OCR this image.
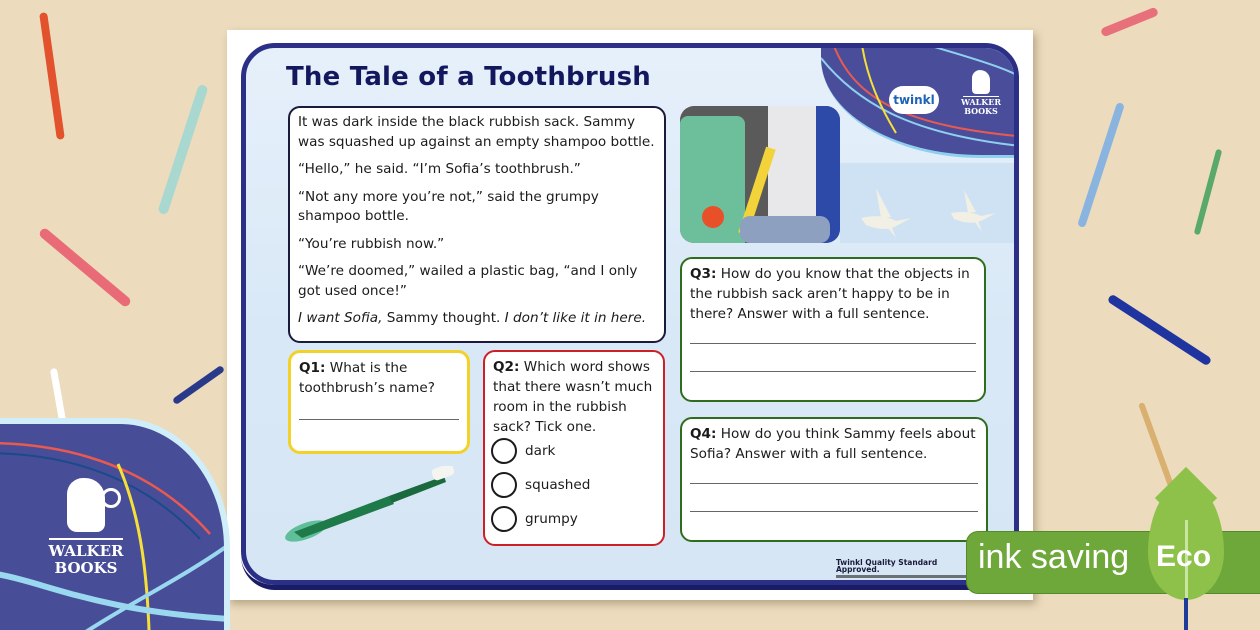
twinkl	WALKER
BOOKS
The Tale of a Toothbrush

It was dark inside the black rubbish sack. Sammy was squashed up against an empty shampoo bottle.

“Hello,” he said. “I’m Sofia’s toothbrush.”

“Not any more you’re not,” said the grumpy shampoo bottle.

“You’re rubbish now.”

“We’re doomed,” wailed a plastic bag, “and I only got used once!”

I want Sofia, Sammy thought. I don’t like it in here.

Q1: What is the toothbrush’s name?
Q2: Which word shows that there wasn’t much room in the rubbish sack? Tick one.
dark
squashed
grumpy
Q3: How do you know that the objects in the rubbish sack aren’t happy to be in there? Answer with a full sentence.
Q4: How do you think Sammy feels about Sofia? Answer with a full sentence.
Twinkl Quality Standard Approved.
WALKER
BOOKS	ink saving Eco
